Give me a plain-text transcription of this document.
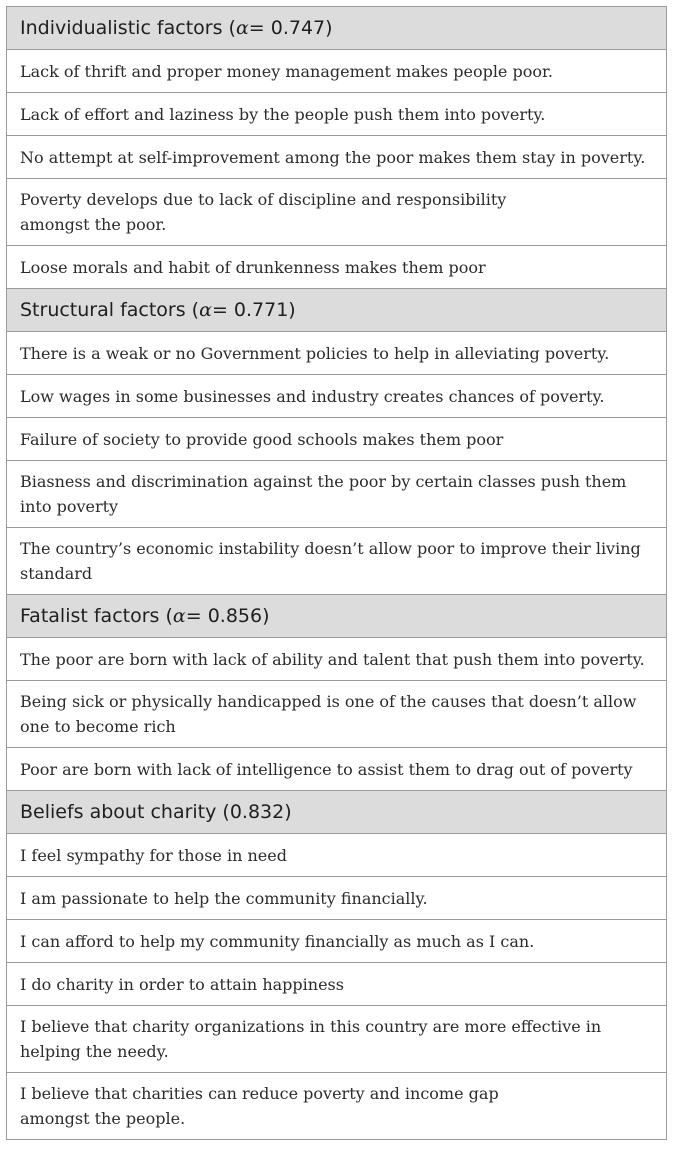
Individualistic factors ( α = 0.747)
Lack of thrift and proper money management makes people poor.
Lack of effort and laziness by the people push them into poverty.
No attempt at self-improvement among the poor makes them stay in poverty.
Poverty develops due to lack of discipline and responsibility amongst the poor.
Loose morals and habit of drunkenness makes them poor
Structural factors ( α = 0.771)
There is a weak or no Government policies to help in alleviating poverty.
Low wages in some businesses and industry creates chances of poverty.
Failure of society to provide good schools makes them poor
Biasness and discrimination against the poor by certain classes push them into poverty
The country’s economic instability doesn’t allow poor to improve their living standard
Fatalist factors ( α = 0.856)
The poor are born with lack of ability and talent that push them into poverty.
Being sick or physically handicapped is one of the causes that doesn’t allow one to become rich
Poor are born with lack of intelligence to assist them to drag out of poverty
Beliefs about charity (0.832)
I feel sympathy for those in need
I am passionate to help the community financially.
I can afford to help my community financially as much as I can.
I do charity in order to attain happiness
I believe that charity organizations in this country are more effective in helping the needy.
I believe that charities can reduce poverty and income gap amongst the people.
